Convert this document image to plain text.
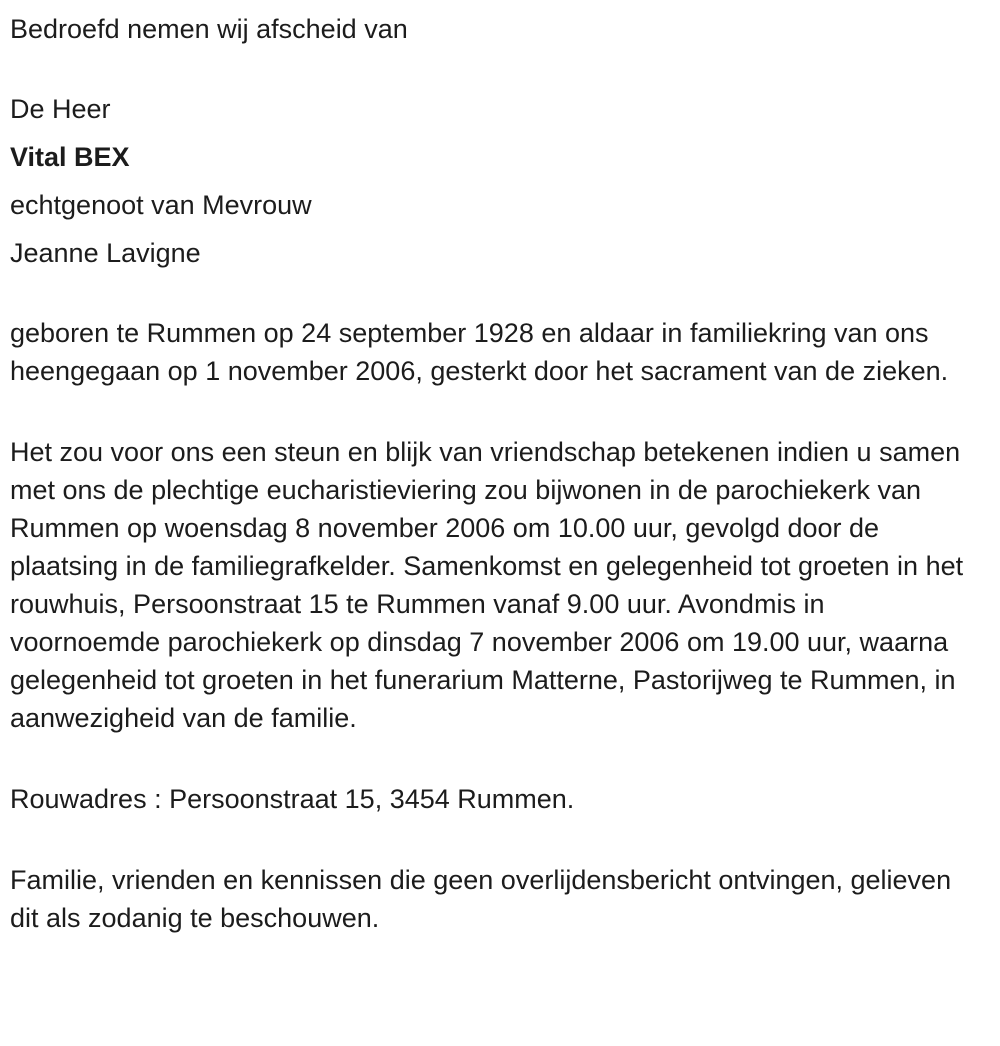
Bedroefd nemen wij afscheid van

De Heer

Vital BEX

echtgenoot van Mevrouw

Jeanne Lavigne

geboren te Rummen op 24 september 1928 en aldaar in familiekring van ons heengegaan op 1 november 2006, gesterkt door het sacrament van de zieken.

Het zou voor ons een steun en blijk van vriendschap betekenen indien u samen met ons de plechtige eucharistieviering zou bijwonen in de parochiekerk van Rummen op woensdag 8 november 2006 om 10.00 uur, gevolgd door de plaatsing in de familiegrafkelder. Samenkomst en gelegenheid tot groeten in het rouwhuis, Persoonstraat 15 te Rummen vanaf 9.00 uur. Avondmis in voornoemde parochiekerk op dinsdag 7 november 2006 om 19.00 uur, waarna gelegenheid tot groeten in het funerarium Matterne, Pastorijweg te Rummen, in aanwezigheid van de familie.

Rouwadres : Persoonstraat 15, 3454 Rummen.

Familie, vrienden en kennissen die geen overlijdensbericht ontvingen, gelieven dit als zodanig te beschouwen.
